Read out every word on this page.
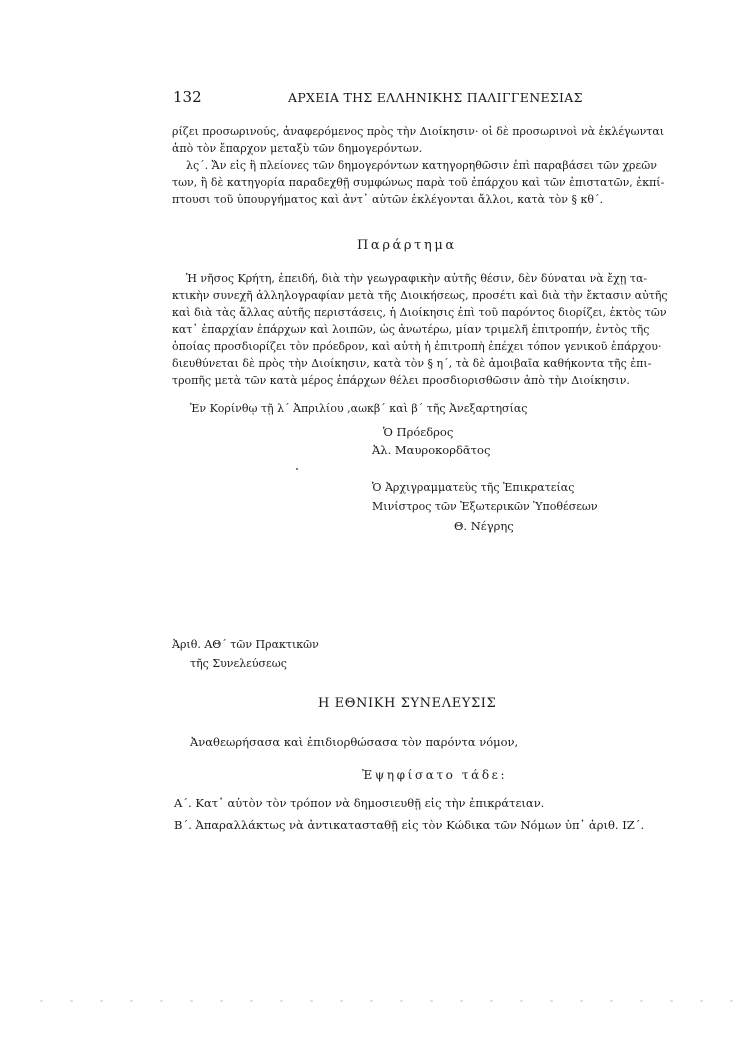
132	ΑΡΧΕΙΑ ΤΗΣ ΕΛΛΗΝΙΚΗΣ ΠΑΛΙΓΓΕΝΕΣΙΑΣ
ρίζει προσωρινούς, ἀναφερόμενος πρὸς τὴν Διοίκησιν· οἱ δὲ προσωρινοὶ νὰ ἐκλέγωνται
ἀπὸ τὸν ἔπαρχον μεταξὺ τῶν δημογερόντων.
λς΄. Ἄν εἰς ἢ πλείονες τῶν δημογερόντων κατηγορηθῶσιν ἐπὶ παραβάσει τῶν χρεῶν
των, ἢ δὲ κατηγορία παραδεχθῇ συμφώνως παρὰ τοῦ ἐπάρχου καὶ τῶν ἐπιστατῶν, ἐκπί-
πτουσι τοῦ ὑπουργήματος καὶ ἀντ᾽ αὐτῶν ἐκλέγονται ἄλλοι, κατὰ τὸν § κθ΄.
Παράρτημα
Ἡ νῆσος Κρήτη, ἐπειδή, διὰ τὴν γεωγραφικὴν αὐτῆς θέσιν, δὲν δύναται νὰ ἔχῃ τα-
κτικὴν συνεχῆ ἀλληλογραφίαν μετὰ τῆς Διοικήσεως, προσέτι καὶ διὰ τὴν ἔκτασιν αὐτῆς
καὶ διὰ τὰς ἄλλας αὐτῆς περιστάσεις, ἡ Διοίκησις ἐπὶ τοῦ παρόντος διορίζει, ἐκτὸς τῶν
κατ᾽ ἐπαρχίαν ἐπάρχων καὶ λοιπῶν, ὡς ἀνωτέρω, μίαν τριμελῆ ἐπιτροπήν, ἐντὸς τῆς
ὁποίας προσδιορίζει τὸν πρόεδρον, καὶ αὐτὴ ἡ ἐπιτροπὴ ἐπέχει τόπον γενικοῦ ἐπάρχου·
διευθύνεται δὲ πρὸς τὴν Διοίκησιν, κατὰ τὸν § η΄, τὰ δὲ ἀμοιβαῖα καθήκοντα τῆς ἐπι-
τροπῆς μετὰ τῶν κατὰ μέρος ἐπάρχων θέλει προσδιορισθῶσιν ἀπὸ τὴν Διοίκησιν.
Ἐν Κορίνθῳ τῇ λ΄ Ἀπριλίου ,αωκβ΄ καὶ β΄ τῆς Ἀνεξαρτησίας
Ὁ Πρόεδρος
Ἀλ. Μαυροκορδᾶτος
Ὁ Ἀρχιγραμματεὺς τῆς Ἐπικρατείας
Μινίστρος τῶν Ἐξωτερικῶν Ὑποθέσεων
Θ. Νέγρης
Ἀριθ. ΑΘ΄ τῶν Πρακτικῶν
τῆς Συνελεύσεως
Η ΕΘΝΙΚΗ ΣΥΝΕΛΕΥΣΙΣ
Ἀναθεωρήσασα καὶ ἐπιδιορθώσασα τὸν παρόντα νόμον,
Ἐψηφίσατο τάδε:
Α΄. Κατ᾽ αὐτὸν τὸν τρόπον νὰ δημοσιευθῇ εἰς τὴν ἐπικράτειαν.
Β΄. Ἀπαραλλάκτως νὰ ἀντικατασταθῇ εἰς τὸν Κώδικα τῶν Νόμων ὑπ᾽ ἀριθ. ΙΖ΄.
